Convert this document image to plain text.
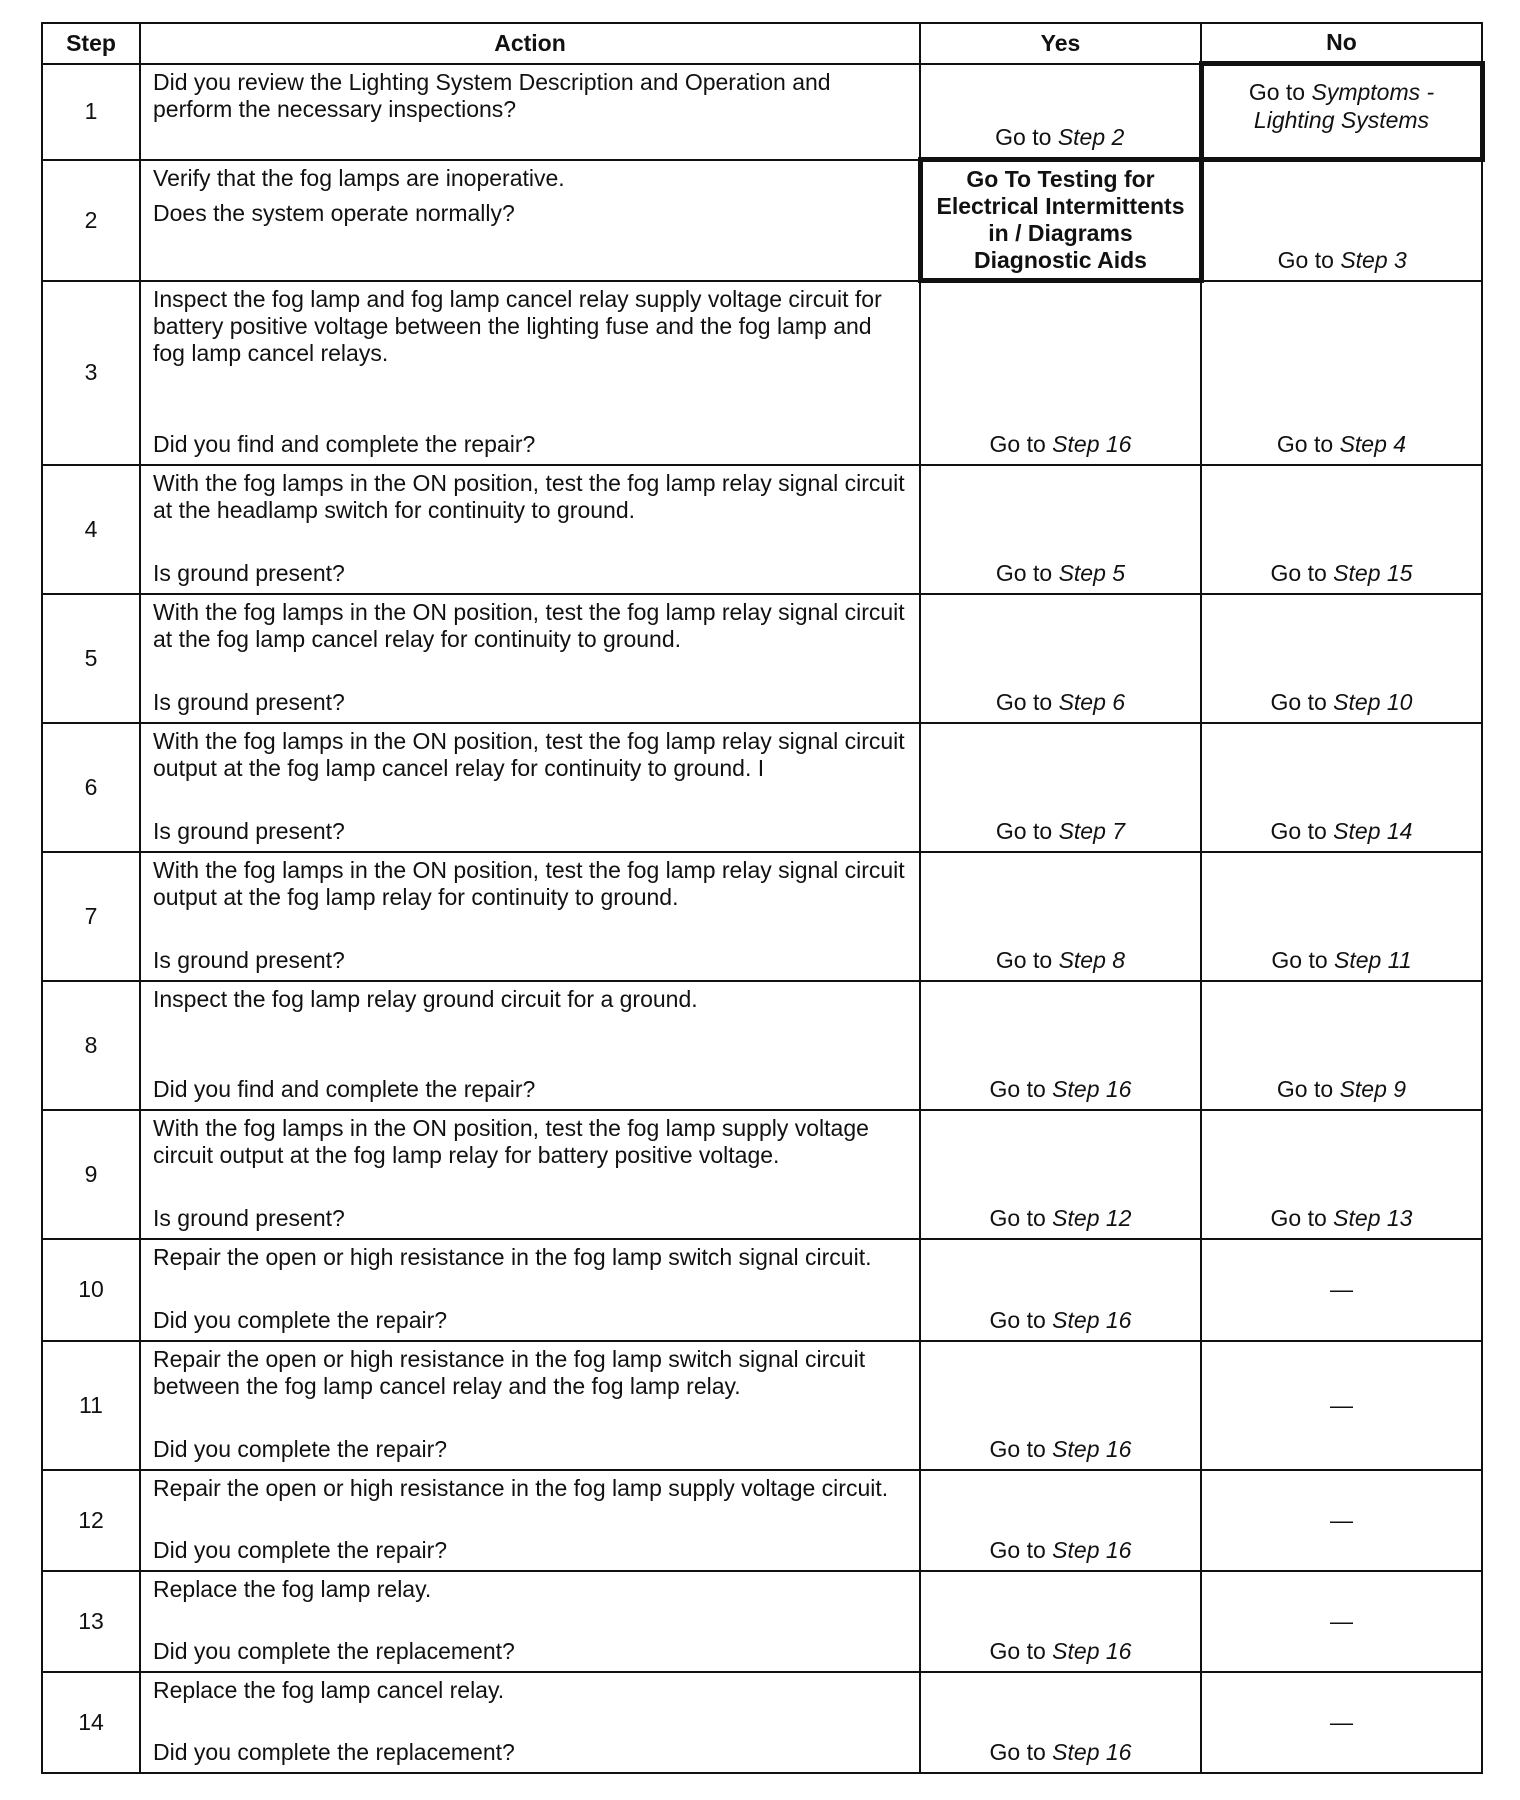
Step	Action	Yes	No
1	Did you review the Lighting System Description and Operation and perform the necessary inspections?	Go to Step 2	Go to Symptoms - Lighting Systems
2	Verify that the fog lamps are inoperative.
Does the system operate normally?	Go To Testing for Electrical Intermittents in / Diagrams Diagnostic Aids	Go to Step 3
3	Inspect the fog lamp and fog lamp cancel relay supply voltage circuit for battery positive voltage between the lighting fuse and the fog lamp and fog lamp cancel relays.
Did you find and complete the repair?	Go to Step 16	Go to Step 4
4	With the fog lamps in the ON position, test the fog lamp relay signal circuit at the headlamp switch for continuity to ground.
Is ground present?	Go to Step 5	Go to Step 15
5	With the fog lamps in the ON position, test the fog lamp relay signal circuit at the fog lamp cancel relay for continuity to ground.
Is ground present?	Go to Step 6	Go to Step 10
6	With the fog lamps in the ON position, test the fog lamp relay signal circuit output at the fog lamp cancel relay for continuity to ground. I
Is ground present?	Go to Step 7	Go to Step 14
7	With the fog lamps in the ON position, test the fog lamp relay signal circuit output at the fog lamp relay for continuity to ground.
Is ground present?	Go to Step 8	Go to Step 11
8	Inspect the fog lamp relay ground circuit for a ground.
Did you find and complete the repair?	Go to Step 16	Go to Step 9
9	With the fog lamps in the ON position, test the fog lamp supply voltage circuit output at the fog lamp relay for battery positive voltage.
Is ground present?	Go to Step 12	Go to Step 13
10	Repair the open or high resistance in the fog lamp switch signal circuit.
Did you complete the repair?	Go to Step 16	—
11	Repair the open or high resistance in the fog lamp switch signal circuit between the fog lamp cancel relay and the fog lamp relay.
Did you complete the repair?	Go to Step 16	—
12	Repair the open or high resistance in the fog lamp supply voltage circuit.
Did you complete the repair?	Go to Step 16	—
13	Replace the fog lamp relay.
Did you complete the replacement?	Go to Step 16	—
14	Replace the fog lamp cancel relay.
Did you complete the replacement?	Go to Step 16	—
